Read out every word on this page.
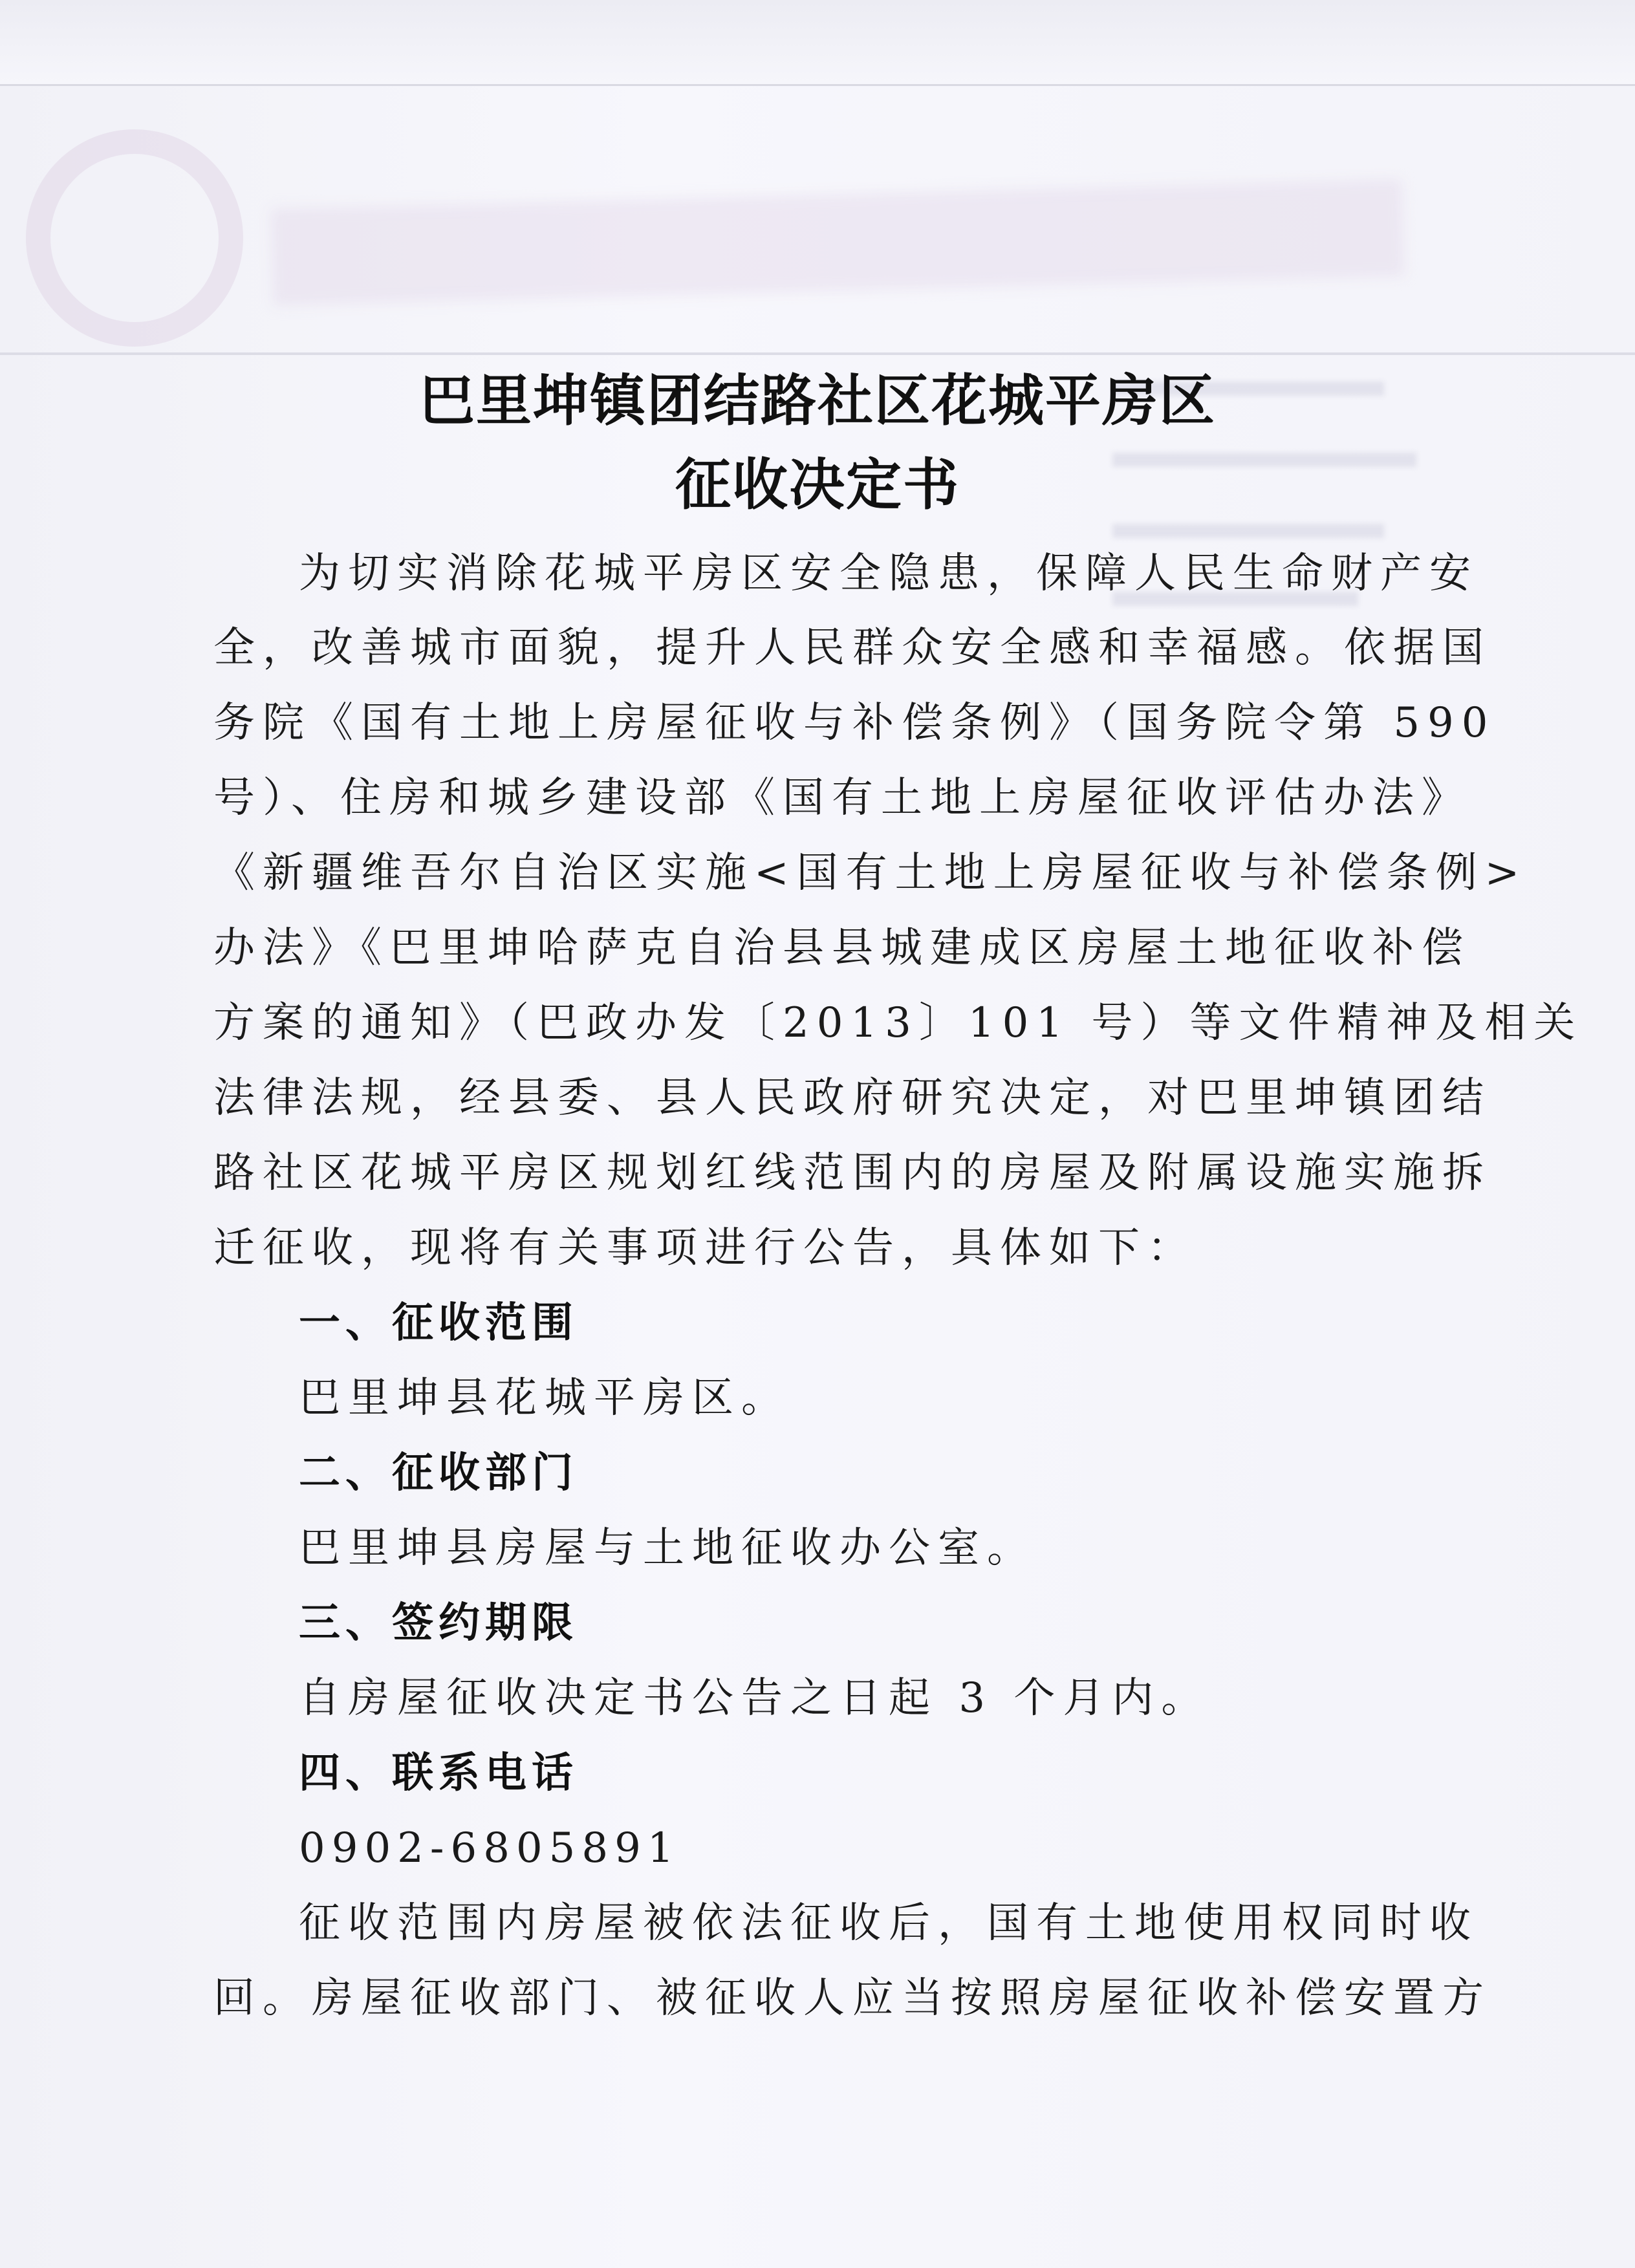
巴里坤镇团结路社区花城平房区
征收决定书

为切实消除花城平房区安全隐患，保障人民生命财产安

全，改善城市面貌，提升人民群众安全感和幸福感。依据国

务院《国有土地上房屋征收与补偿条例》（国务院令第 590

号）、住房和城乡建设部《国有土地上房屋征收评估办法》

《新疆维吾尔自治区实施<国有土地上房屋征收与补偿条例>

办法》《巴里坤哈萨克自治县县城建成区房屋土地征收补偿

方案的通知》（巴政办发〔2013〕101 号）等文件精神及相关

法律法规，经县委、县人民政府研究决定，对巴里坤镇团结

路社区花城平房区规划红线范围内的房屋及附属设施实施拆

迁征收，现将有关事项进行公告，具体如下：

一、征收范围

巴里坤县花城平房区。

二、征收部门

巴里坤县房屋与土地征收办公室。

三、签约期限

自房屋征收决定书公告之日起 3 个月内。

四、联系电话

0902-6805891

征收范围内房屋被依法征收后，国有土地使用权同时收

回。房屋征收部门、被征收人应当按照房屋征收补偿安置方
